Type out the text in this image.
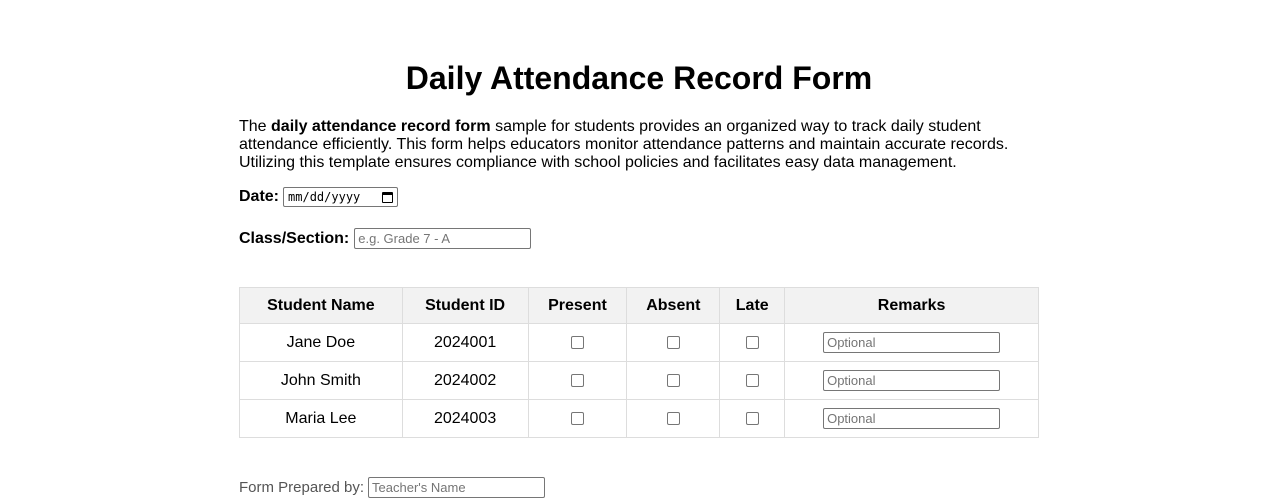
Daily Attendance Record Form

The daily attendance record form sample for students provides an organized way to track daily student attendance efficiently. This form helps educators monitor attendance patterns and maintain accurate records. Utilizing this template ensures compliance with school policies and facilitates easy data management.

Date: mm/dd/yyyy
Class/Section:
e.g. Grade 7 - A
Student Name	Student ID	Present	Absent	Late	Remarks
Jane Doe	2024001				Optional
John Smith	2024002				Optional
Maria Lee	2024003				Optional
Form Prepared by:
Teacher's Name
